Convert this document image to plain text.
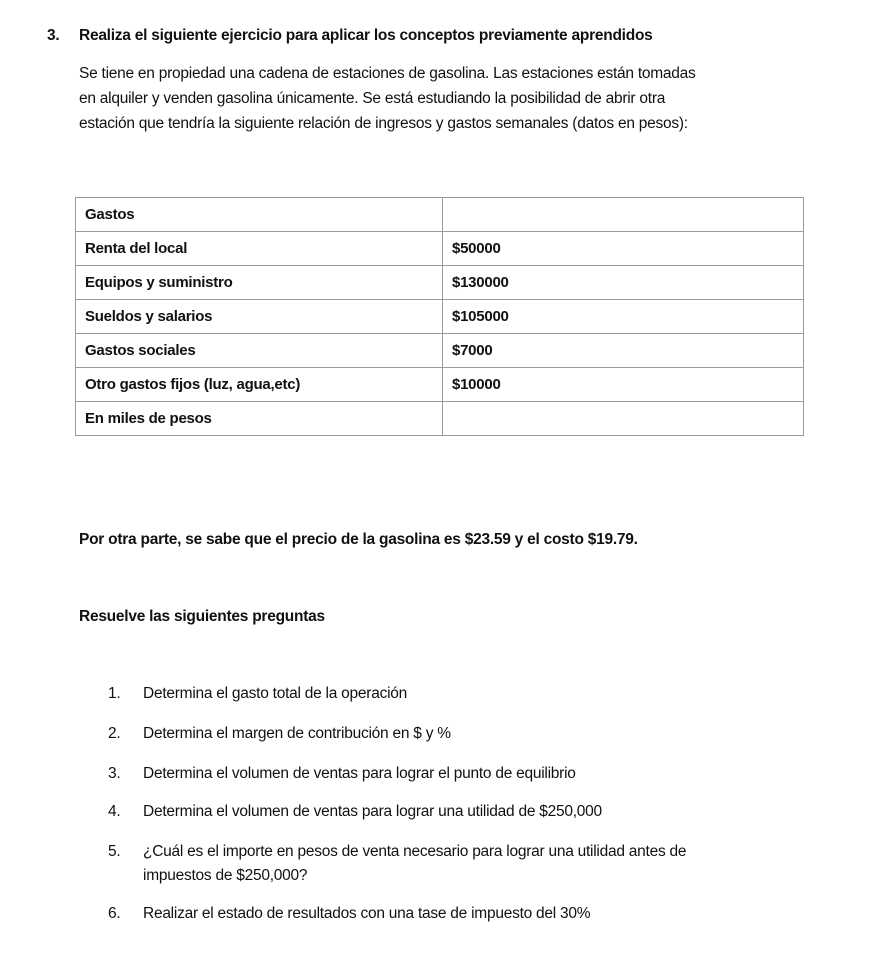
3. Realiza el siguiente ejercicio para aplicar los conceptos previamente aprendidos
Se tiene en propiedad una cadena de estaciones de gasolina. Las estaciones están tomadas
en alquiler y venden gasolina únicamente. Se está estudiando la posibilidad de abrir otra
estación que tendría la siguiente relación de ingresos y gastos semanales (datos en pesos):
Gastos	
Renta del local	$50000
Equipos y suministro	$130000
Sueldos y salarios	$105000
Gastos sociales	$7000
Otro gastos fijos (luz, agua,etc)	$10000
En miles de pesos	
Por otra parte, se sabe que el precio de la gasolina es $23.59 y el costo $19.79.
Resuelve las siguientes preguntas
1. Determina el gasto total de la operación
2. Determina el margen de contribución en $ y %
3. Determina el volumen de ventas para lograr el punto de equilibrio
4. Determina el volumen de ventas para lograr una utilidad de $250,000
5. ¿Cuál es el importe en pesos de venta necesario para lograr una utilidad antes de
impuestos de $250,000?
6. Realizar el estado de resultados con una tase de impuesto del 30%
